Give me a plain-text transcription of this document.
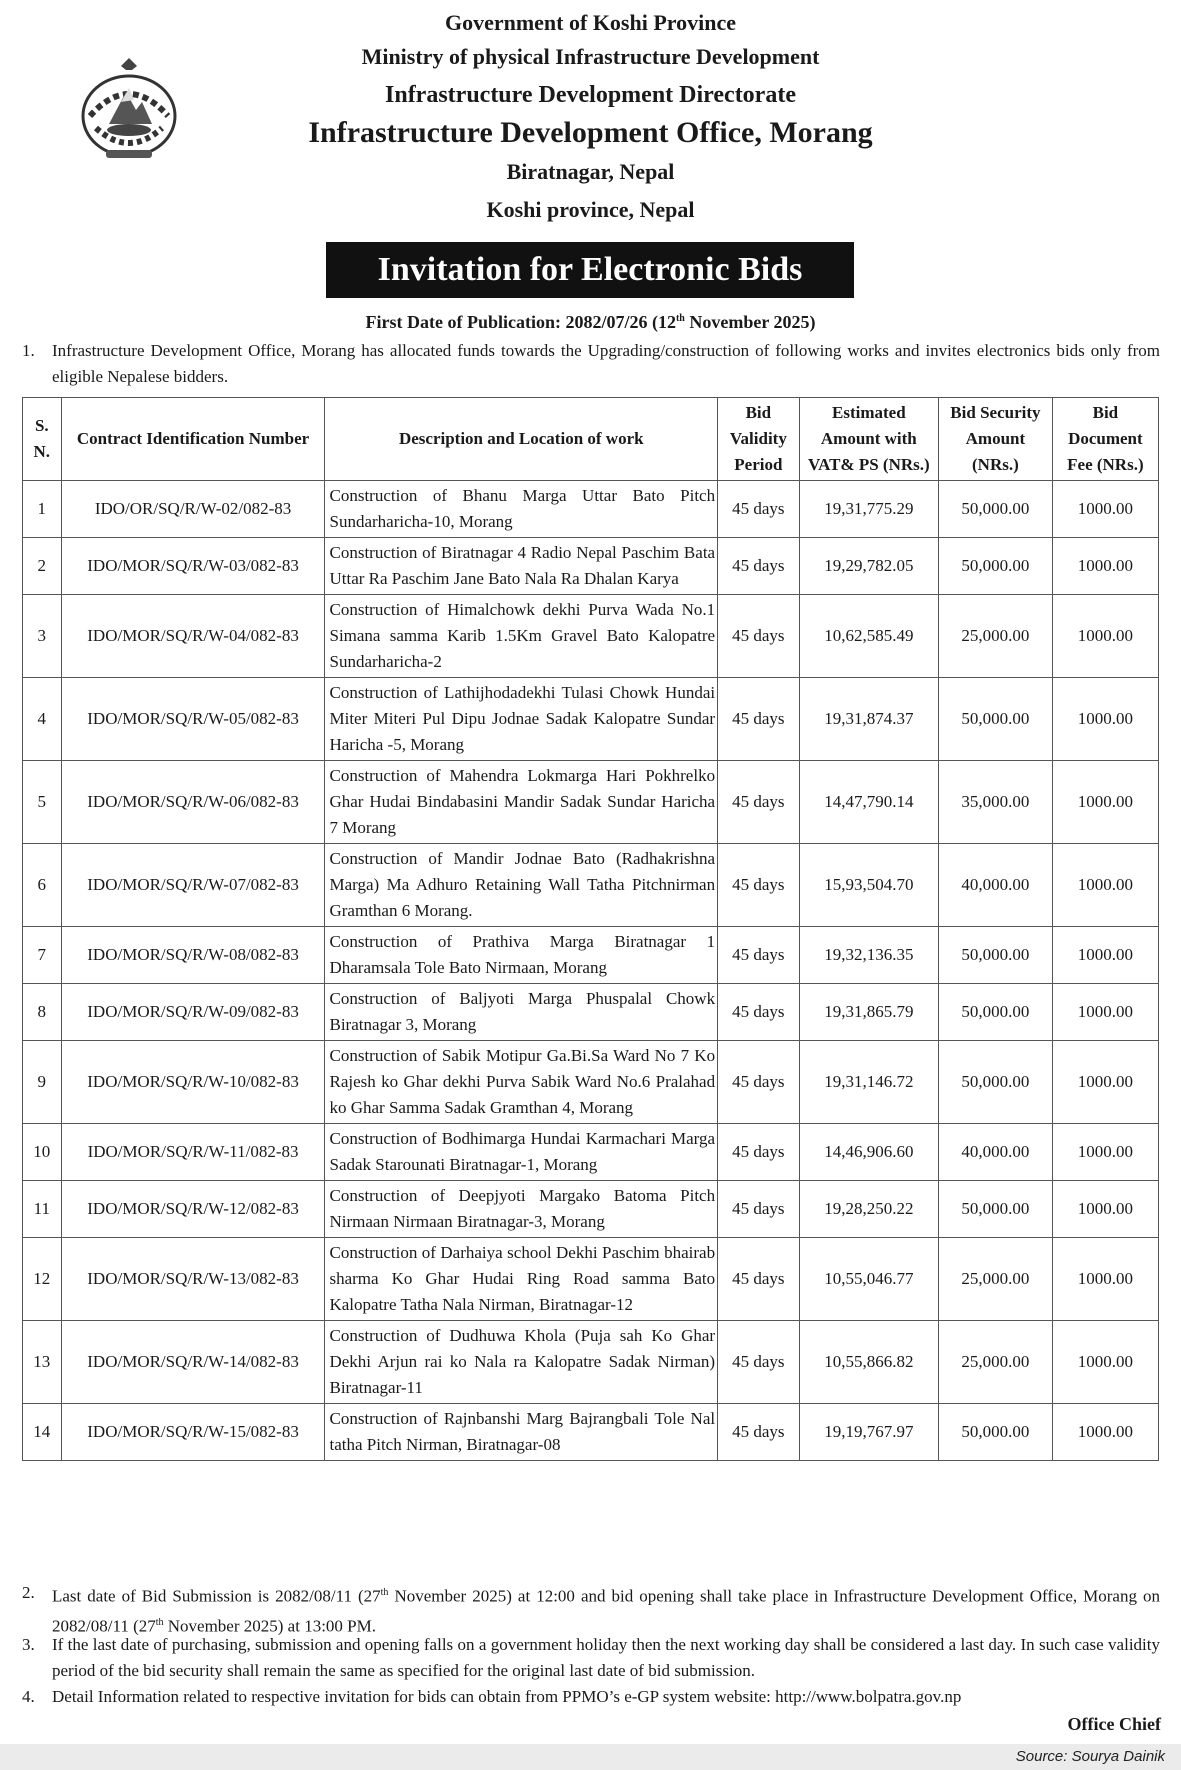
Government of Koshi Province
Ministry of physical Infrastructure Development
Infrastructure Development Directorate
Infrastructure Development Office, Morang
Biratnagar, Nepal
Koshi province, Nepal
Invitation for Electronic Bids
First Date of Publication: 2082/07/26 (12th November 2025)
1.	Infrastructure Development Office, Morang has allocated funds towards the Upgrading/construction of following works and invites electronics bids only from eligible Nepalese bidders.
S. N.	Contract Identification Number	Description and Location of work	Bid Validity Period	Estimated Amount with VAT& PS (NRs.)	Bid Security Amount (NRs.)	Bid Document Fee (NRs.)
1	IDO/OR/SQ/R/W-02/082-83	Construction of Bhanu Marga Uttar Bato Pitch Sundarharicha-10, Morang	45 days	19,31,775.29	50,000.00	1000.00
2	IDO/MOR/SQ/R/W-03/082-83	Construction of Biratnagar 4 Radio Nepal Paschim Bata Uttar Ra Paschim Jane Bato Nala Ra Dhalan Karya	45 days	19,29,782.05	50,000.00	1000.00
3	IDO/MOR/SQ/R/W-04/082-83	Construction of Himalchowk dekhi Purva Wada No.1 Simana samma Karib 1.5Km Gravel Bato Kalopatre Sundarharicha-2	45 days	10,62,585.49	25,000.00	1000.00
4	IDO/MOR/SQ/R/W-05/082-83	Construction of Lathijhodadekhi Tulasi Chowk Hundai Miter Miteri Pul Dipu Jodnae Sadak Kalopatre Sundar Haricha -5, Morang	45 days	19,31,874.37	50,000.00	1000.00
5	IDO/MOR/SQ/R/W-06/082-83	Construction of Mahendra Lokmarga Hari Pokhrelko Ghar Hudai Bindabasini Mandir Sadak Sundar Haricha 7 Morang	45 days	14,47,790.14	35,000.00	1000.00
6	IDO/MOR/SQ/R/W-07/082-83	Construction of Mandir Jodnae Bato (Radhakrishna Marga) Ma Adhuro Retaining Wall Tatha Pitchnirman Gramthan 6 Morang.	45 days	15,93,504.70	40,000.00	1000.00
7	IDO/MOR/SQ/R/W-08/082-83	Construction of Prathiva Marga Biratnagar 1 Dharamsala Tole Bato Nirmaan, Morang	45 days	19,32,136.35	50,000.00	1000.00
8	IDO/MOR/SQ/R/W-09/082-83	Construction of Baljyoti Marga Phuspalal Chowk Biratnagar 3, Morang	45 days	19,31,865.79	50,000.00	1000.00
9	IDO/MOR/SQ/R/W-10/082-83	Construction of Sabik Motipur Ga.Bi.Sa Ward No 7 Ko Rajesh ko Ghar dekhi Purva Sabik Ward No.6 Pralahad ko Ghar Samma Sadak Gramthan 4, Morang	45 days	19,31,146.72	50,000.00	1000.00
10	IDO/MOR/SQ/R/W-11/082-83	Construction of Bodhimarga Hundai Karmachari Marga Sadak Starounati Biratnagar-1, Morang	45 days	14,46,906.60	40,000.00	1000.00
11	IDO/MOR/SQ/R/W-12/082-83	Construction of Deepjyoti Margako Batoma Pitch Nirmaan Nirmaan Biratnagar-3, Morang	45 days	19,28,250.22	50,000.00	1000.00
12	IDO/MOR/SQ/R/W-13/082-83	Construction of Darhaiya school Dekhi Paschim bhairab sharma Ko Ghar Hudai Ring Road samma Bato Kalopatre Tatha Nala Nirman, Biratnagar-12	45 days	10,55,046.77	25,000.00	1000.00
13	IDO/MOR/SQ/R/W-14/082-83	Construction of Dudhuwa Khola (Puja sah Ko Ghar Dekhi Arjun rai ko Nala ra Kalopatre Sadak Nirman) Biratnagar-11	45 days	10,55,866.82	25,000.00	1000.00
14	IDO/MOR/SQ/R/W-15/082-83	Construction of Rajnbanshi Marg Bajrangbali Tole Nal tatha Pitch Nirman, Biratnagar-08	45 days	19,19,767.97	50,000.00	1000.00
2.	Last date of Bid Submission is 2082/08/11 (27th November 2025) at 12:00 and bid opening shall take place in Infrastructure Development Office, Morang on 2082/08/11 (27th November 2025) at 13:00 PM.
3.	If the last date of purchasing, submission and opening falls on a government holiday then the next working day shall be considered a last day. In such case validity period of the bid security shall remain the same as specified for the original last date of bid submission.
4.	Detail Information related to respective invitation for bids can obtain from PPMO’s e-GP system website: http://www.bolpatra.gov.np
Office Chief
Source: Sourya Dainik
